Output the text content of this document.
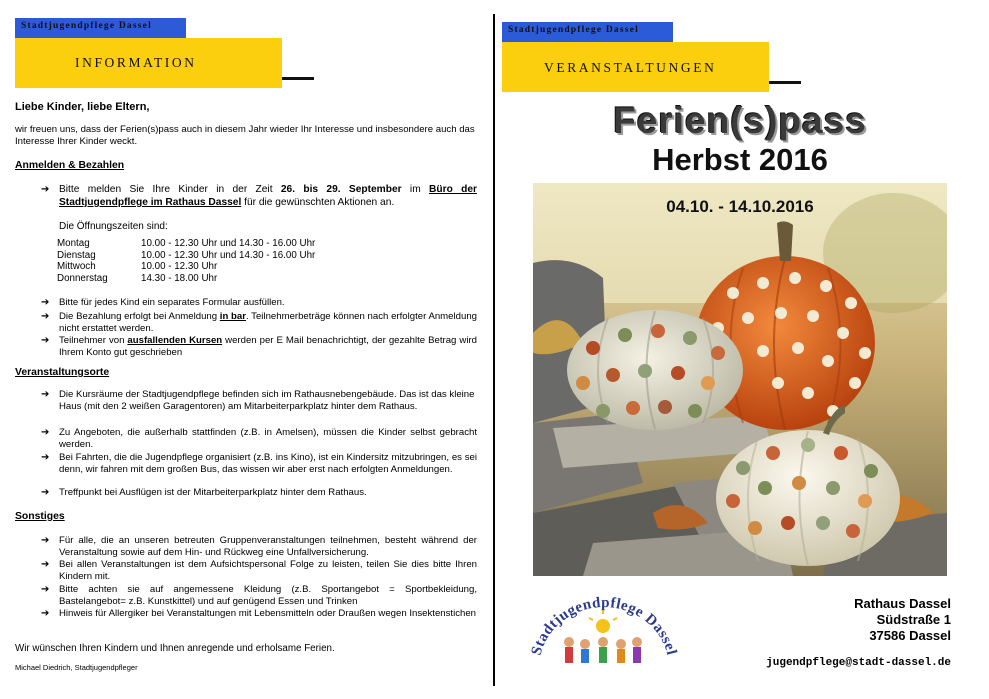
Stadtjugendpflege Dassel
INFORMATION
Liebe Kinder, liebe Eltern,
wir freuen uns, dass der Ferien(s)pass auch in diesem Jahr wieder Ihr Interesse und insbesondere auch das Interesse Ihrer Kinder weckt.
Anmelden & Bezahlen
➔ Bitte melden Sie Ihre Kinder in der Zeit 26. bis 29. September im Büro der Stadtjugendpflege im Rathaus Dassel für die gewünschten Aktionen an.
Die Öffnungszeiten sind:
Montag	10.00 - 12.30 Uhr und 14.30 - 16.00 Uhr
Dienstag	10.00 - 12.30 Uhr und 14.30 - 16.00 Uhr
Mittwoch	10.00 - 12.30 Uhr
Donnerstag	14.30 - 18.00 Uhr
➔	Bitte für jedes Kind ein separates Formular ausfüllen.
➔	Die Bezahlung erfolgt bei Anmeldung in bar. Teilnehmerbeträge können nach erfolgter Anmeldung nicht erstattet werden.
➔	Teilnehmer von ausfallenden Kursen werden per E Mail benachrichtigt, der gezahlte Betrag wird Ihrem Konto gut geschrieben
Veranstaltungsorte
➔	Die Kursräume der Stadtjugendpflege befinden sich im Rathausnebengebäude. Das ist das kleine Haus (mit den 2 weißen Garagentoren) am Mitarbeiterparkplatz hinter dem Rathaus.
➔	Zu Angeboten, die außerhalb stattfinden (z.B. in Amelsen), müssen die Kinder selbst gebracht werden.
➔	Bei Fahrten, die die Jugendpflege organisiert (z.B. ins Kino), ist ein Kindersitz mitzubringen, es sei denn, wir fahren mit dem großen Bus, das wissen wir aber erst nach erfolgten Anmeldungen.
➔	Treffpunkt bei Ausflügen ist der Mitarbeiterparkplatz hinter dem Rathaus.
Sonstiges
➔	Für alle, die an unseren betreuten Gruppenveranstaltungen teilnehmen, besteht während der Veranstaltung sowie auf dem Hin- und Rückweg eine Unfallversicherung.
➔	Bei allen Veranstaltungen ist dem Aufsichtspersonal Folge zu leisten, teilen Sie dies bitte Ihren Kindern mit.
➔	Bitte achten sie auf angemessene Kleidung (z.B. Sportangebot = Sportbekleidung, Bastelangebot= z.B. Kunstkittel) und auf genügend Essen und Trinken
➔	Hinweis für Allergiker bei Veranstaltungen mit Lebensmitteln oder Draußen wegen Insektenstichen
Wir wünschen Ihren Kindern und Ihnen anregende und erholsame Ferien.
Michael Diedrich, Stadtjugendpfleger
Stadtjugendpflege Dassel
VERANSTALTUNGEN
Ferien(s)pass
Herbst 2016
04.10. - 14.10.2016
Stadtjugendpflege Dassel
Rathaus Dassel
Südstraße 1
37586 Dassel
jugendpflege@stadt-dassel.de
